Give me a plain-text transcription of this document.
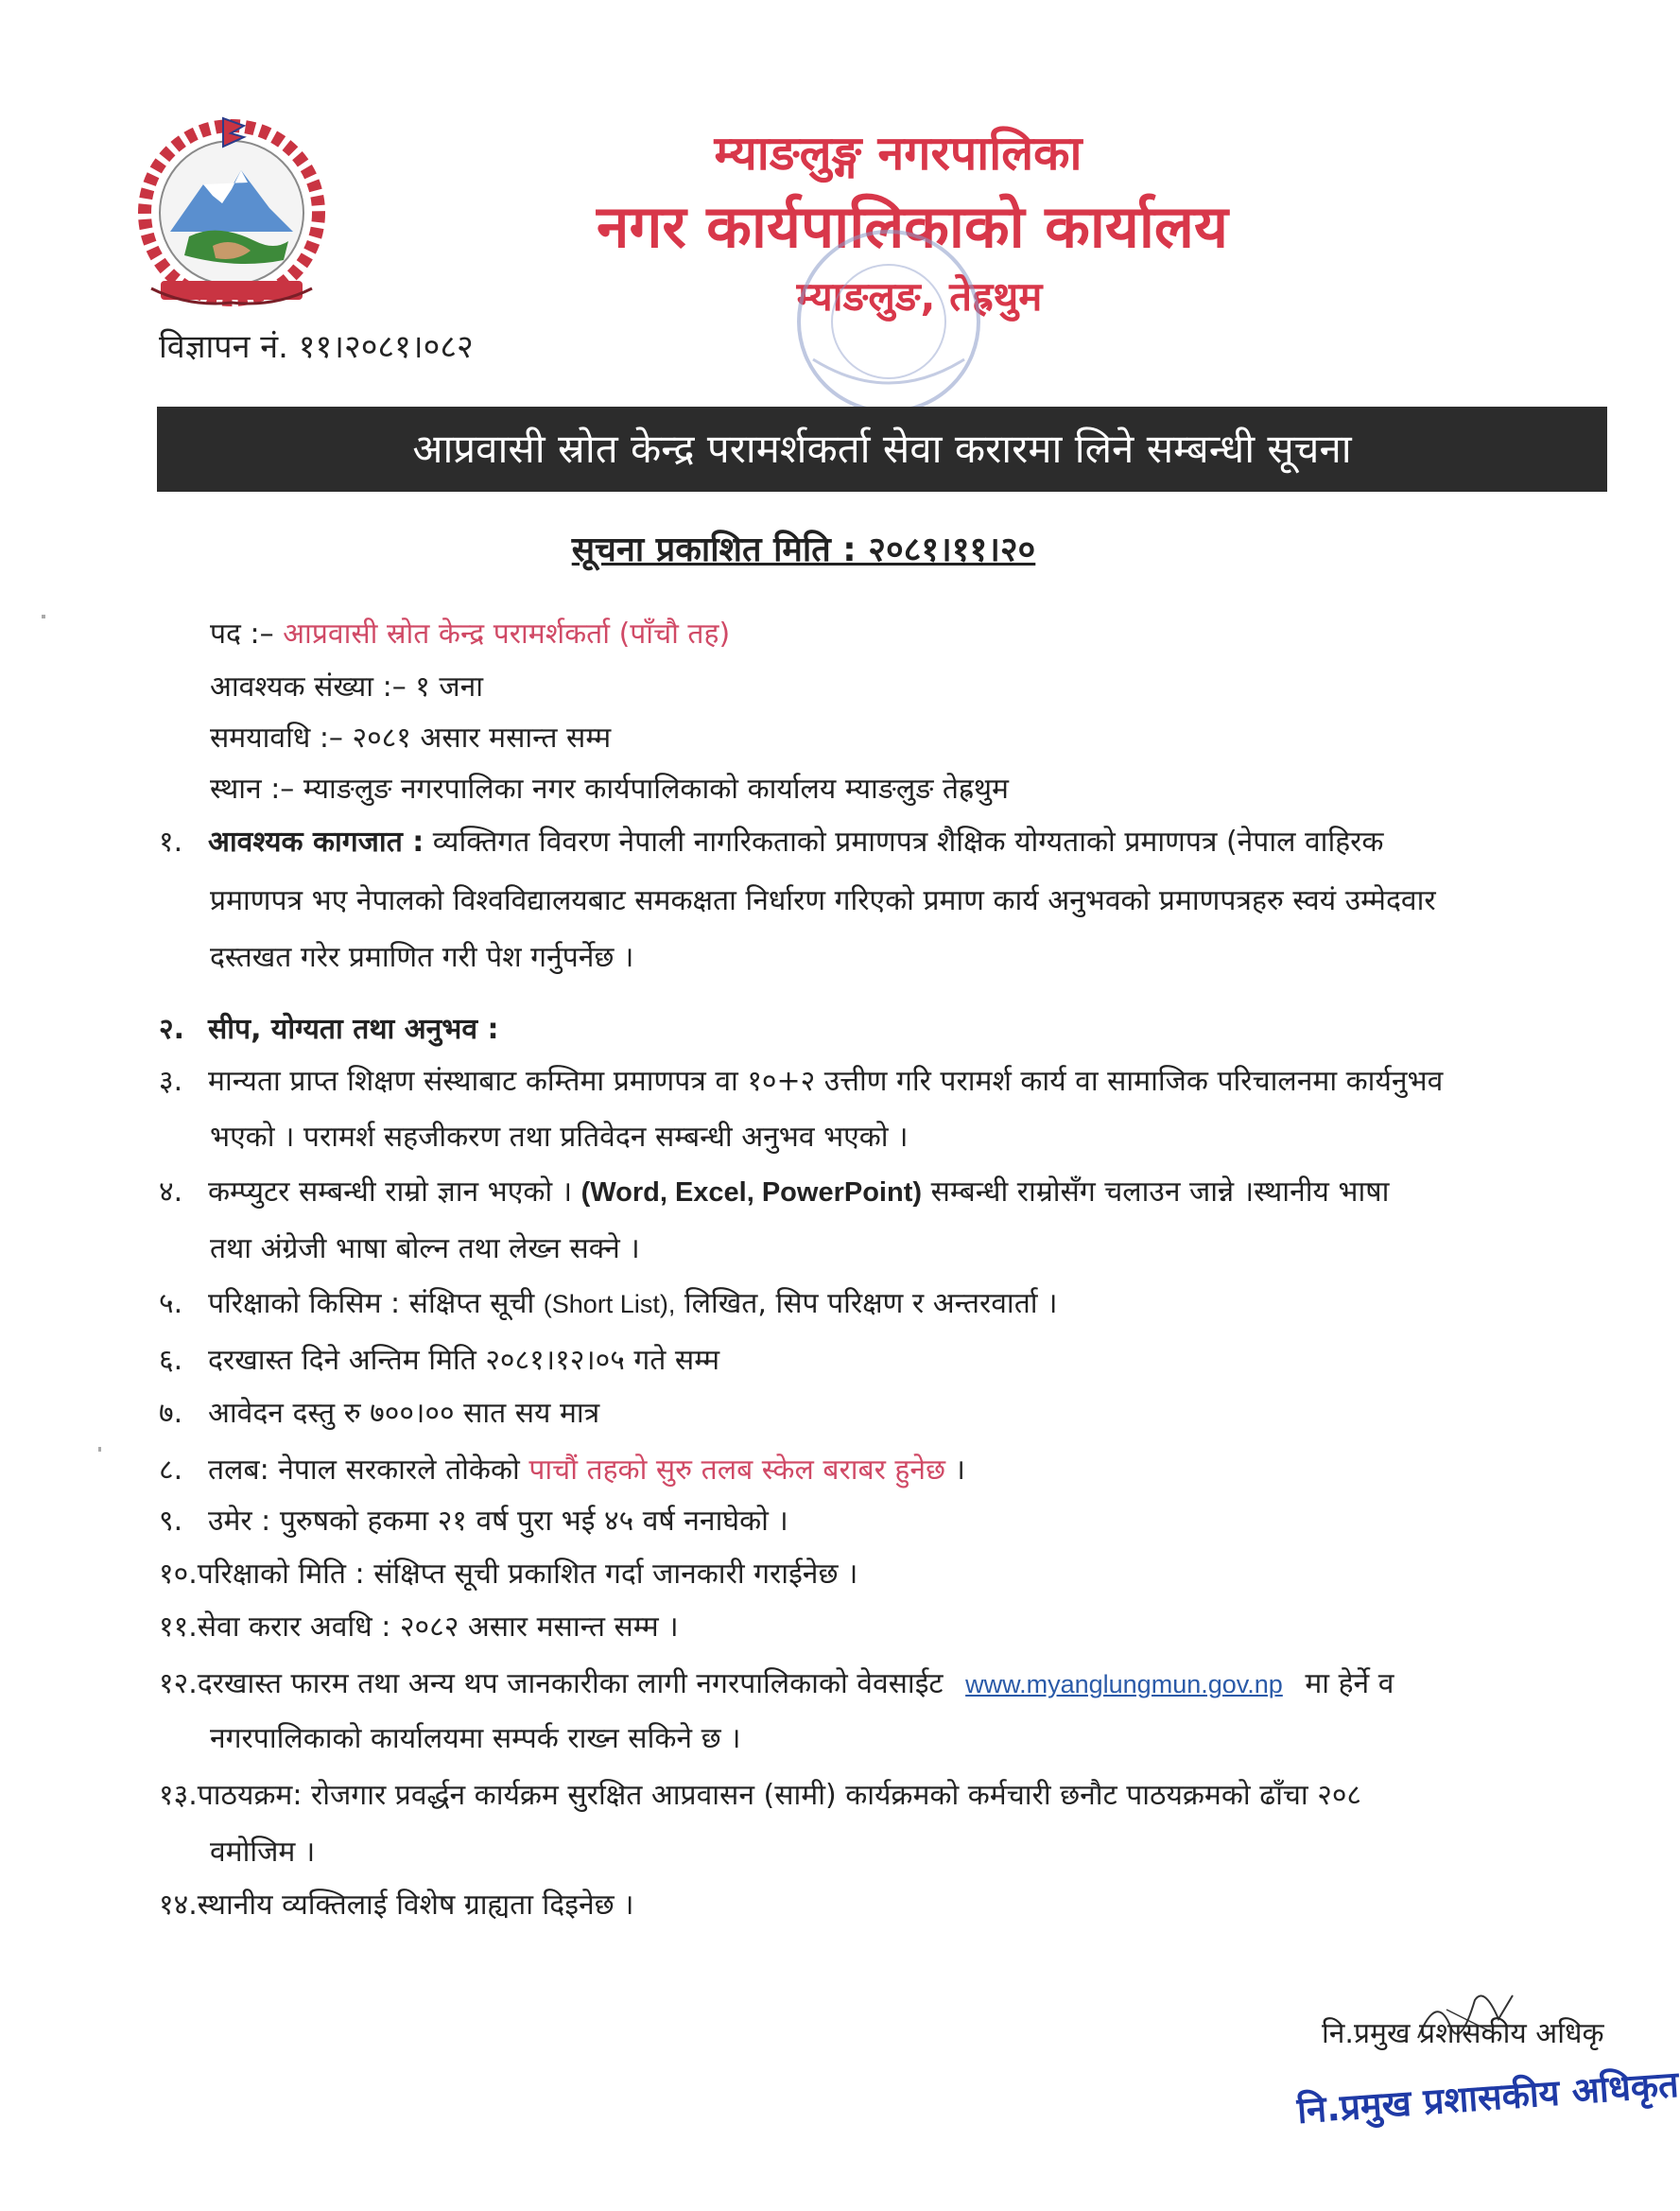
म्याङलुङ्ग नगरपालिका
नगर कार्यपालिकाको कार्यालय
म्याङलुङ, तेह्रथुम
विज्ञापन नं. ११।२०८१।०८२
आप्रवासी स्रोत केन्द्र परामर्शकर्ता सेवा करारमा लिने सम्बन्धी सूचना
सूचना प्रकाशित मिति : २०८१।११।२०
पद :– आप्रवासी स्रोत केन्द्र परामर्शकर्ता (पाँचौ तह)
आवश्यक संख्या :– १ जना
समयावधि :– २०८१ असार मसान्त सम्म
स्थान :– म्याङलुङ नगरपालिका नगर कार्यपालिकाको कार्यालय म्याङलुङ तेह्रथुम
१. आवश्यक कागजात : व्यक्तिगत विवरण नेपाली नागरिकताको प्रमाणपत्र शैक्षिक योग्यताको प्रमाणपत्र (नेपाल वाहिरक
प्रमाणपत्र भए नेपालको विश्वविद्यालयबाट समकक्षता निर्धारण गरिएको प्रमाण कार्य अनुभवको प्रमाणपत्रहरु स्वयं उम्मेदवार
दस्तखत गरेर प्रमाणित गरी पेश गर्नुपर्नेछ ।
२. सीप, योग्यता तथा अनुभव :
३. मान्यता प्राप्त शिक्षण संस्थाबाट कम्तिमा प्रमाणपत्र वा १०+२ उत्तीण गरि परामर्श कार्य वा सामाजिक परिचालनमा कार्यनुभव
भएको । परामर्श सहजीकरण तथा प्रतिवेदन सम्बन्धी अनुभव भएको ।
४. कम्प्युटर सम्बन्धी राम्रो ज्ञान भएको । (Word, Excel, PowerPoint) सम्बन्धी राम्रोसँग चलाउन जान्ने ।स्थानीय भाषा
तथा अंग्रेजी भाषा बोल्न तथा लेख्न सक्ने ।
५. परिक्षाको किसिम : संक्षिप्त सूची (Short List), लिखित, सिप परिक्षण र अन्तरवार्ता ।
६. दरखास्त दिने अन्तिम मिति २०८१।१२।०५ गते सम्म
७. आवेदन दस्तु रु ७००।०० सात सय मात्र
८. तलब: नेपाल सरकारले तोकेको पाचौं तहको सुरु तलब स्केल बराबर हुनेछ ।
९. उमेर : पुरुषको हकमा २१ वर्ष पुरा भई ४५ वर्ष ननाघेको ।
१०.परिक्षाको मिति : संक्षिप्त सूची प्रकाशित गर्दा जानकारी गराईनेछ ।
११.सेवा करार अवधि : २०८२ असार मसान्त सम्म ।
१२.दरखास्त फारम तथा अन्य थप जानकारीका लागी नगरपालिकाको वेवसाईट www.myanglungmun.gov.np मा हेर्ने व
नगरपालिकाको कार्यालयमा सम्पर्क राख्न सकिने छ ।
१३.पाठयक्रम: रोजगार प्रवर्द्धन कार्यक्रम सुरक्षित आप्रवासन (सामी) कार्यक्रमको कर्मचारी छनौट पाठयक्रमको ढाँचा २०८
वमोजिम ।
१४.स्थानीय व्यक्तिलाई विशेष ग्राह्यता दिइनेछ ।
नि.प्रमुख प्रशासकीय अधिकृ
नि.प्रमुख प्रशासकीय अधिकृत
